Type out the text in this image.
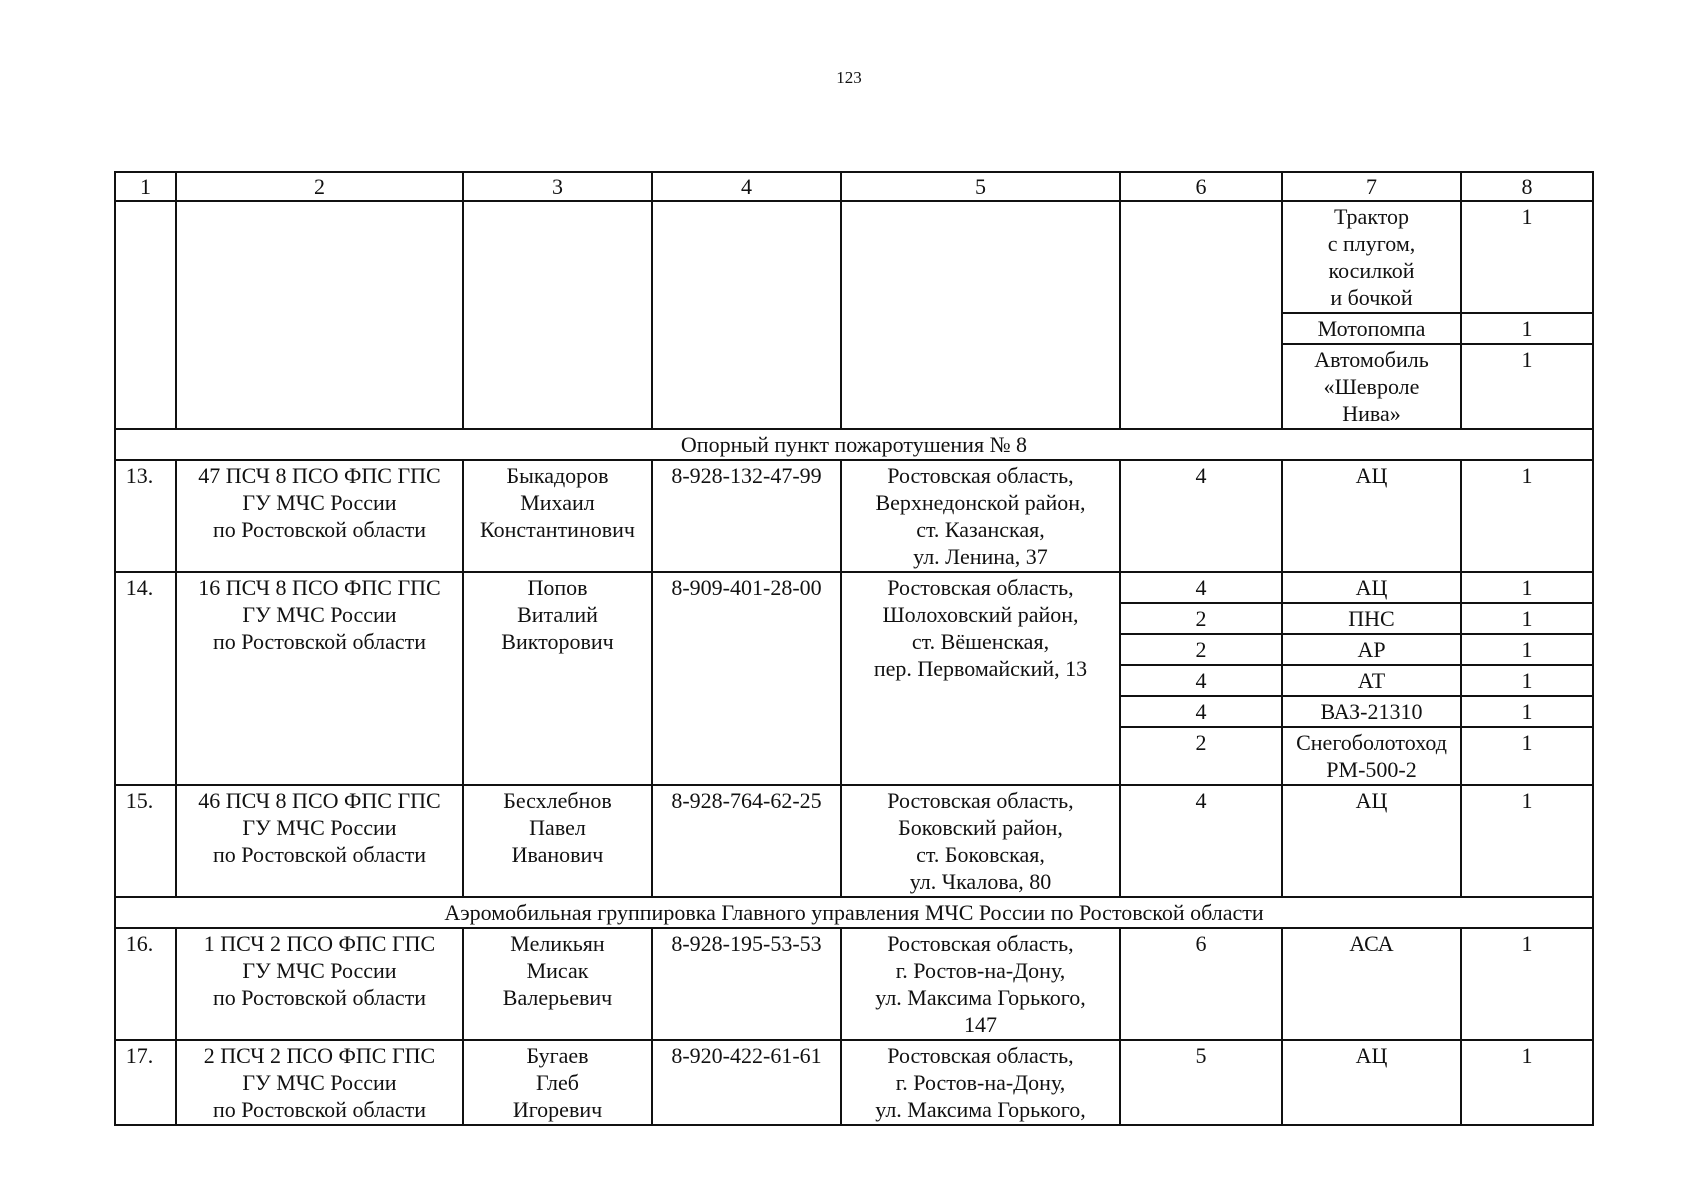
123
1	2	3	4	5	6	7	8
						Трактор
с плугом,
косилкой
и бочкой	1
						Мотопомпа	1
						Автомобиль
«Шевроле
Нива»	1
Опорный пункт пожаротушения № 8							
13.	47 ПСЧ 8 ПСО ФПС ГПС
ГУ МЧС России
по Ростовской области	Быкадоров
Михаил
Константинович	8-928-132-47-99	Ростовская область,
Верхнедонской район,
ст. Казанская,
ул. Ленина, 37	4	АЦ	1
14.	16 ПСЧ 8 ПСО ФПС ГПС
ГУ МЧС России
по Ростовской области	Попов
Виталий
Викторович	8-909-401-28-00	Ростовская область,
Шолоховский район,
ст. Вёшенская,
пер. Первомайский, 13	4	АЦ	1
					2	ПНС	1
					2	АР	1
					4	АТ	1
					4	ВАЗ-21310	1
					2	Снегоболотоход
РМ-500-2	1
15.	46 ПСЧ 8 ПСО ФПС ГПС
ГУ МЧС России
по Ростовской области	Бесхлебнов
Павел
Иванович	8-928-764-62-25	Ростовская область,
Боковский район,
ст. Боковская,
ул. Чкалова, 80	4	АЦ	1
Аэромобильная группировка Главного управления МЧС России по Ростовской области							
16.	1 ПСЧ 2 ПСО ФПС ГПС
ГУ МЧС России
по Ростовской области	Меликьян
Мисак
Валерьевич	8-928-195-53-53	Ростовская область,
г. Ростов-на-Дону,
ул. Максима Горького,
147	6	АСА	1
17.	2 ПСЧ 2 ПСО ФПС ГПС
ГУ МЧС России
по Ростовской области	Бугаев
Глеб
Игоревич	8-920-422-61-61	Ростовская область,
г. Ростов-на-Дону,
ул. Максима Горького,	5	АЦ	1
